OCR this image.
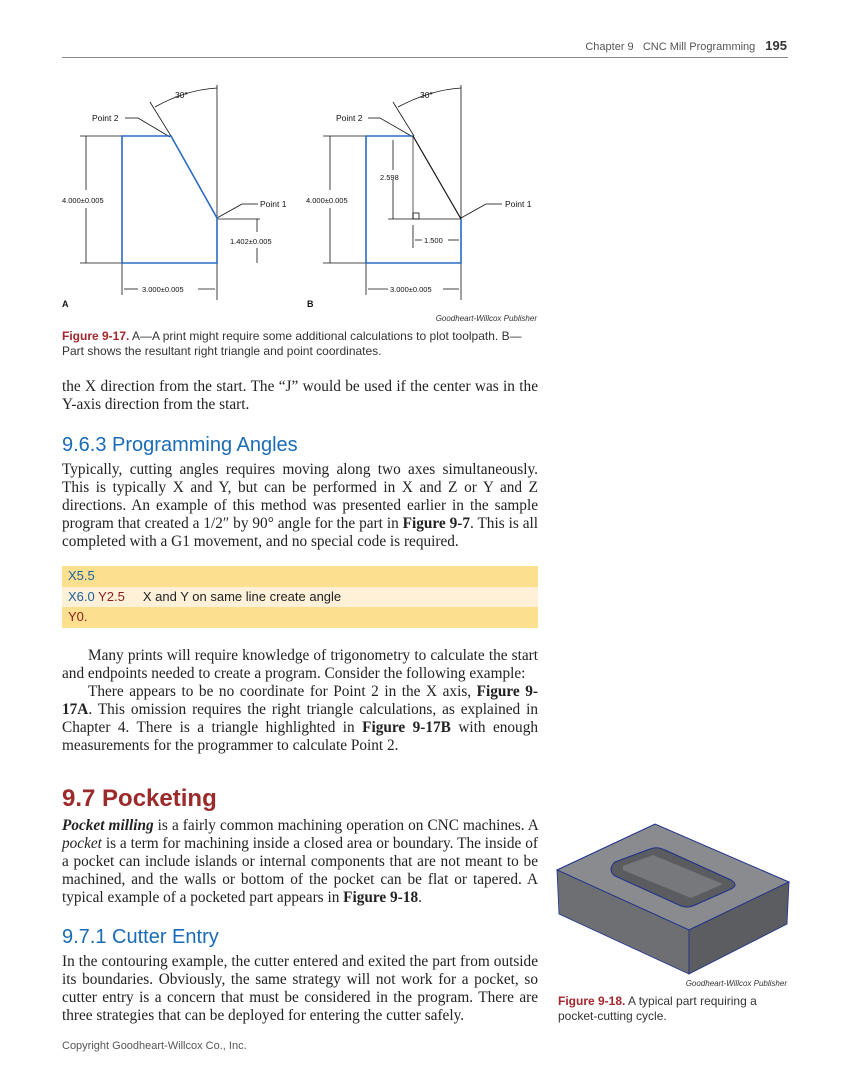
Chapter 9 CNC Mill Programming 195
30°
Point 2
Point 1
4.000±0.005
1.402±0.005
3.000±0.005
A
30°
Point 2
Point 1
4.000±0.005
2.598
1.500
3.000±0.005
B
Goodheart-Willcox Publisher
Figure 9-17. A—A print might require some additional calculations to plot toolpath. B—Part shows the resultant right triangle and point coordinates.

the X direction from the start. The “J” would be used if the center was in the Y-axis direction from the start.

9.6.3 Programming Angles

Typically, cutting angles requires moving along two axes simultaneously. This is typically X and Y, but can be performed in X and Z or Y and Z directions. An example of this method was presented earlier in the sample program that created a 1/2″ by 90° angle for the part in Figure 9-7. This is all completed with a G1 movement, and no special code is required.

X5.5
X6.0 Y2.5 X and Y on same line create angle
Y0.

Many prints will require knowledge of trigonometry to calculate the start and endpoints needed to create a program. Consider the following example:

There appears to be no coordinate for Point 2 in the X axis, Figure 9-17A. This omission requires the right triangle calculations, as explained in Chapter 4. There is a triangle highlighted in Figure 9-17B with enough measurements for the programmer to calculate Point 2.

9.7 Pocketing

Pocket milling is a fairly common machining operation on CNC machines. A pocket is a term for machining inside a closed area or boundary. The inside of a pocket can include islands or internal components that are not meant to be machined, and the walls or bottom of the pocket can be flat or tapered. A typical example of a pocketed part appears in Figure 9-18.

9.7.1 Cutter Entry

In the contouring example, the cutter entered and exited the part from outside its boundaries. Obviously, the same strategy will not work for a pocket, so cutter entry is a concern that must be considered in the program. There are three strategies that can be deployed for entering the cutter safely.

Goodheart-Willcox Publisher
Figure 9-18. A typical part requiring a pocket-cutting cycle.
Copyright Goodheart-Willcox Co., Inc.
